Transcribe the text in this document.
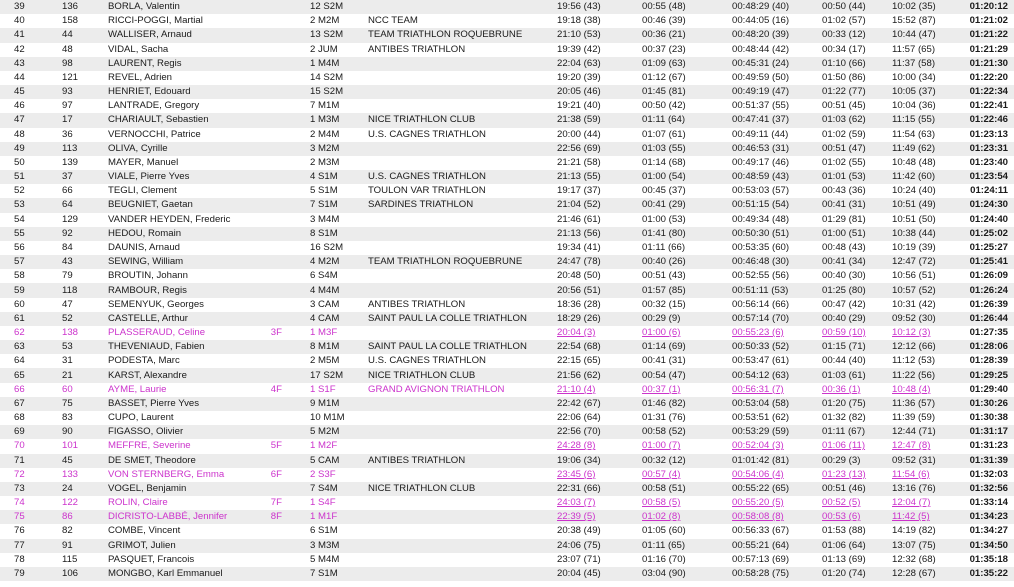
39	136	BORLA, Valentin		12 S2M		19:56 (43)	00:55 (48)	00:48:29 (40)	00:50 (44)	10:02 (35)	01:20:12
40	158	RICCI-POGGI, Martial		2 M2M	NCC TEAM	19:18 (38)	00:46 (39)	00:44:05 (16)	01:02 (57)	15:52 (87)	01:21:02
41	44	WALLISER, Arnaud		13 S2M	TEAM TRIATHLON ROQUEBRUNE	21:10 (53)	00:36 (21)	00:48:20 (39)	00:33 (12)	10:44 (47)	01:21:22
42	48	VIDAL, Sacha		2 JUM	ANTIBES TRIATHLON	19:39 (42)	00:37 (23)	00:48:44 (42)	00:34 (17)	11:57 (65)	01:21:29
43	98	LAURENT, Regis		1 M4M		22:04 (63)	01:09 (63)	00:45:31 (24)	01:10 (66)	11:37 (58)	01:21:30
44	121	REVEL, Adrien		14 S2M		19:20 (39)	01:12 (67)	00:49:59 (50)	01:50 (86)	10:00 (34)	01:22:20
45	93	HENRIET, Edouard		15 S2M		20:05 (46)	01:45 (81)	00:49:19 (47)	01:22 (77)	10:05 (37)	01:22:34
46	97	LANTRADE, Gregory		7 M1M		19:21 (40)	00:50 (42)	00:51:37 (55)	00:51 (45)	10:04 (36)	01:22:41
47	17	CHARIAULT, Sebastien		1 M3M	NICE TRIATHLON CLUB	21:38 (59)	01:11 (64)	00:47:41 (37)	01:03 (62)	11:15 (55)	01:22:46
48	36	VERNOCCHI, Patrice		2 M4M	U.S. CAGNES TRIATHLON	20:00 (44)	01:07 (61)	00:49:11 (44)	01:02 (59)	11:54 (63)	01:23:13
49	113	OLIVA, Cyrille		3 M2M		22:56 (69)	01:03 (55)	00:46:53 (31)	00:51 (47)	11:49 (62)	01:23:31
50	139	MAYER, Manuel		2 M3M		21:21 (58)	01:14 (68)	00:49:17 (46)	01:02 (55)	10:48 (48)	01:23:40
51	37	VIALE, Pierre Yves		4 S1M	U.S. CAGNES TRIATHLON	21:13 (55)	01:00 (54)	00:48:59 (43)	01:01 (53)	11:42 (60)	01:23:54
52	66	TEGLI, Clement		5 S1M	TOULON VAR TRIATHLON	19:17 (37)	00:45 (37)	00:53:03 (57)	00:43 (36)	10:24 (40)	01:24:11
53	64	BEUGNIET, Gaetan		7 S1M	SARDINES TRIATHLON	21:04 (52)	00:41 (29)	00:51:15 (54)	00:41 (31)	10:51 (49)	01:24:30
54	129	VANDER HEYDEN, Frederic		3 M4M		21:46 (61)	01:00 (53)	00:49:34 (48)	01:29 (81)	10:51 (50)	01:24:40
55	92	HEDOU, Romain		8 S1M		21:13 (56)	01:41 (80)	00:50:30 (51)	01:00 (51)	10:38 (44)	01:25:02
56	84	DAUNIS, Arnaud		16 S2M		19:34 (41)	01:11 (66)	00:53:35 (60)	00:48 (43)	10:19 (39)	01:25:27
57	43	SEWING, William		4 M2M	TEAM TRIATHLON ROQUEBRUNE	24:47 (78)	00:40 (26)	00:46:48 (30)	00:41 (34)	12:47 (72)	01:25:41
58	79	BROUTIN, Johann		6 S4M		20:48 (50)	00:51 (43)	00:52:55 (56)	00:40 (30)	10:56 (51)	01:26:09
59	118	RAMBOUR, Regis		4 M4M		20:56 (51)	01:57 (85)	00:51:11 (53)	01:25 (80)	10:57 (52)	01:26:24
60	47	SEMENYUK, Georges		3 CAM	ANTIBES TRIATHLON	18:36 (28)	00:32 (15)	00:56:14 (66)	00:47 (42)	10:31 (42)	01:26:39
61	52	CASTELLE, Arthur		4 CAM	SAINT PAUL LA COLLE TRIATHLON	18:29 (26)	00:29 (9)	00:57:14 (70)	00:40 (29)	09:52 (30)	01:26:44
62	138	PLASSERAUD, Celine	3F	1 M3F		20:04 (3)	01:00 (6)	00:55:23 (6)	00:59 (10)	10:12 (3)	01:27:35
63	53	THEVENIAUD, Fabien		8 M1M	SAINT PAUL LA COLLE TRIATHLON	22:54 (68)	01:14 (69)	00:50:33 (52)	01:15 (71)	12:12 (66)	01:28:06
64	31	PODESTA, Marc		2 M5M	U.S. CAGNES TRIATHLON	22:15 (65)	00:41 (31)	00:53:47 (61)	00:44 (40)	11:12 (53)	01:28:39
65	21	KARST, Alexandre		17 S2M	NICE TRIATHLON CLUB	21:56 (62)	00:54 (47)	00:54:12 (63)	01:03 (61)	11:22 (56)	01:29:25
66	60	AYME, Laurie	4F	1 S1F	GRAND AVIGNON TRIATHLON	21:10 (4)	00:37 (1)	00:56:31 (7)	00:36 (1)	10:48 (4)	01:29:40
67	75	BASSET, Pierre Yves		9 M1M		22:42 (67)	01:46 (82)	00:53:04 (58)	01:20 (75)	11:36 (57)	01:30:26
68	83	CUPO, Laurent		10 M1M		22:06 (64)	01:31 (76)	00:53:51 (62)	01:32 (82)	11:39 (59)	01:30:38
69	90	FIGASSO, Olivier		5 M2M		22:56 (70)	00:58 (52)	00:53:29 (59)	01:11 (67)	12:44 (71)	01:31:17
70	101	MEFFRE, Severine	5F	1 M2F		24:28 (8)	01:00 (7)	00:52:04 (3)	01:06 (11)	12:47 (8)	01:31:23
71	45	DE SMET, Theodore		5 CAM	ANTIBES TRIATHLON	19:06 (34)	00:32 (12)	01:01:42 (81)	00:29 (3)	09:52 (31)	01:31:39
72	133	VON STERNBERG, Emma	6F	2 S3F		23:45 (6)	00:57 (4)	00:54:06 (4)	01:23 (13)	11:54 (6)	01:32:03
73	24	VOGEL, Benjamin		7 S4M	NICE TRIATHLON CLUB	22:31 (66)	00:58 (51)	00:55:22 (65)	00:51 (46)	13:16 (76)	01:32:56
74	122	ROLIN, Claire	7F	1 S4F		24:03 (7)	00:58 (5)	00:55:20 (5)	00:52 (5)	12:04 (7)	01:33:14
75	86	DICRISTO-LABBÉ, Jennifer	8F	1 M1F		22:39 (5)	01:02 (8)	00:58:08 (8)	00:53 (6)	11:42 (5)	01:34:23
76	82	COMBE, Vincent		6 S1M		20:38 (49)	01:05 (60)	00:56:33 (67)	01:53 (88)	14:19 (82)	01:34:27
77	91	GRIMOT, Julien		3 M3M		24:06 (75)	01:11 (65)	00:55:21 (64)	01:06 (64)	13:07 (75)	01:34:50
78	115	PASQUET, Francois		5 M4M		23:07 (71)	01:16 (70)	00:57:13 (69)	01:13 (69)	12:32 (68)	01:35:18
79	106	MONGBO, Karl Emmanuel		7 S1M		20:04 (45)	03:04 (90)	00:58:28 (75)	01:20 (74)	12:28 (67)	01:35:22
